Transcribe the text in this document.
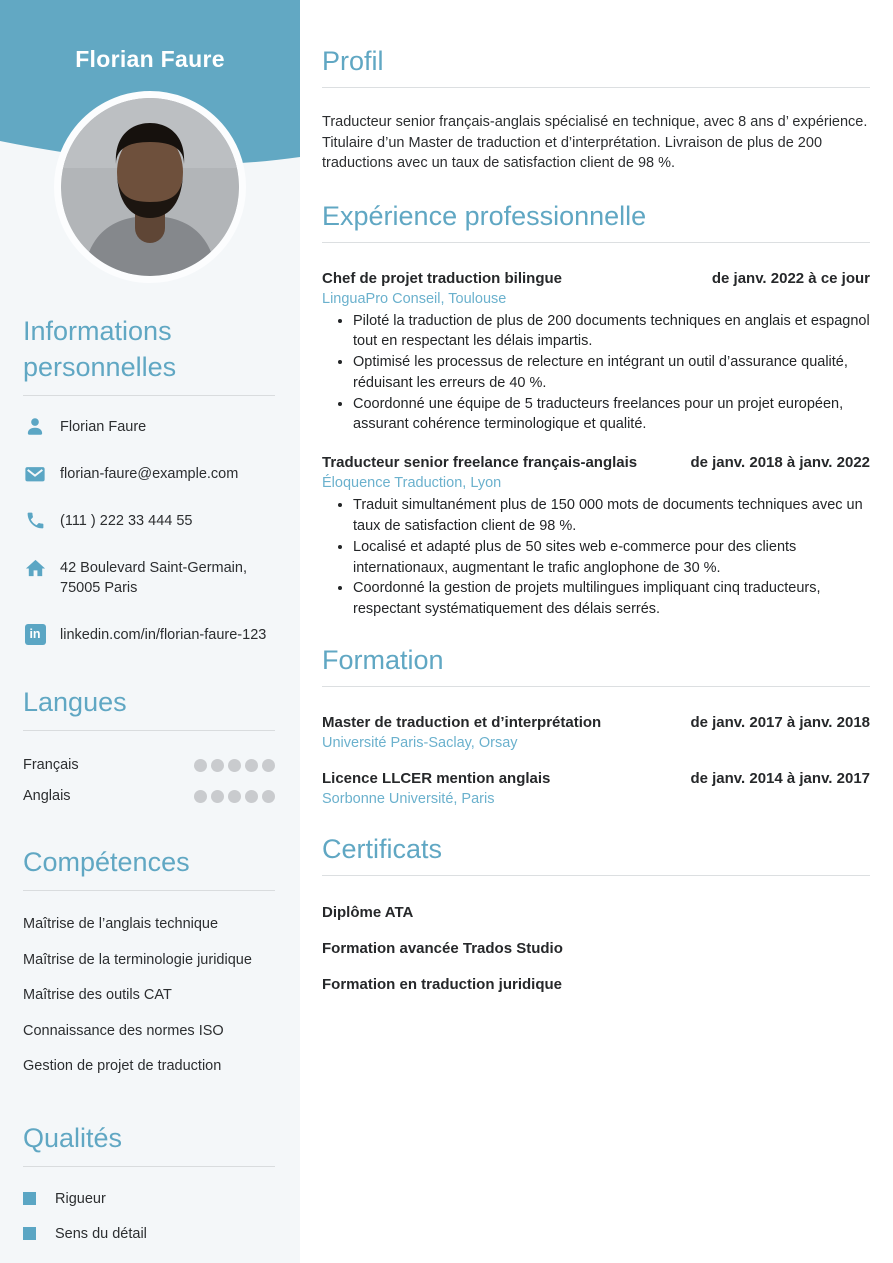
Florian Faure
Informations personnelles
Florian Faure
florian-faure@example.com
(111 ) 222 33 444 55
42 Boulevard Saint-Germain, 75005 Paris
in	linkedin.com/in/florian-faure-123
Langues
Français
Anglais
Compétences
Maîtrise de l’anglais technique
Maîtrise de la terminologie juridique
Maîtrise des outils CAT
Connaissance des normes ISO
Gestion de projet de traduction
Qualités
Rigueur
Sens du détail
Profil

Traducteur senior français-anglais spécialisé en technique, avec 8 ans d’ expérience. Titulaire d’un Master de traduction et d’interprétation. Livraison de plus de 200 traductions avec un taux de satisfaction client de 98 %.

Expérience professionnelle
Chef de projet traduction bilingue	de janv. 2022 à ce jour
LinguaPro Conseil, Toulouse
• Piloté la traduction de plus de 200 documents techniques en anglais et espagnol tout en respectant les délais impartis.
• Optimisé les processus de relecture en intégrant un outil d’assurance qualité, réduisant les erreurs de 40 %.
• Coordonné une équipe de 5 traducteurs freelances pour un projet européen, assurant cohérence terminologique et qualité.
Traducteur senior freelance français-anglais	de janv. 2018 à janv. 2022
Éloquence Traduction, Lyon
• Traduit simultanément plus de 150 000 mots de documents techniques avec un taux de satisfaction client de 98 %.
• Localisé et adapté plus de 50 sites web e-commerce pour des clients internationaux, augmentant le trafic anglophone de 30 %.
• Coordonné la gestion de projets multilingues impliquant cinq traducteurs, respectant systématiquement des délais serrés.
Formation
Master de traduction et d’interprétation	de janv. 2017 à janv. 2018
Université Paris-Saclay, Orsay
Licence LLCER mention anglais	de janv. 2014 à janv. 2017
Sorbonne Université, Paris
Certificats
Diplôme ATA
Formation avancée Trados Studio
Formation en traduction juridique
